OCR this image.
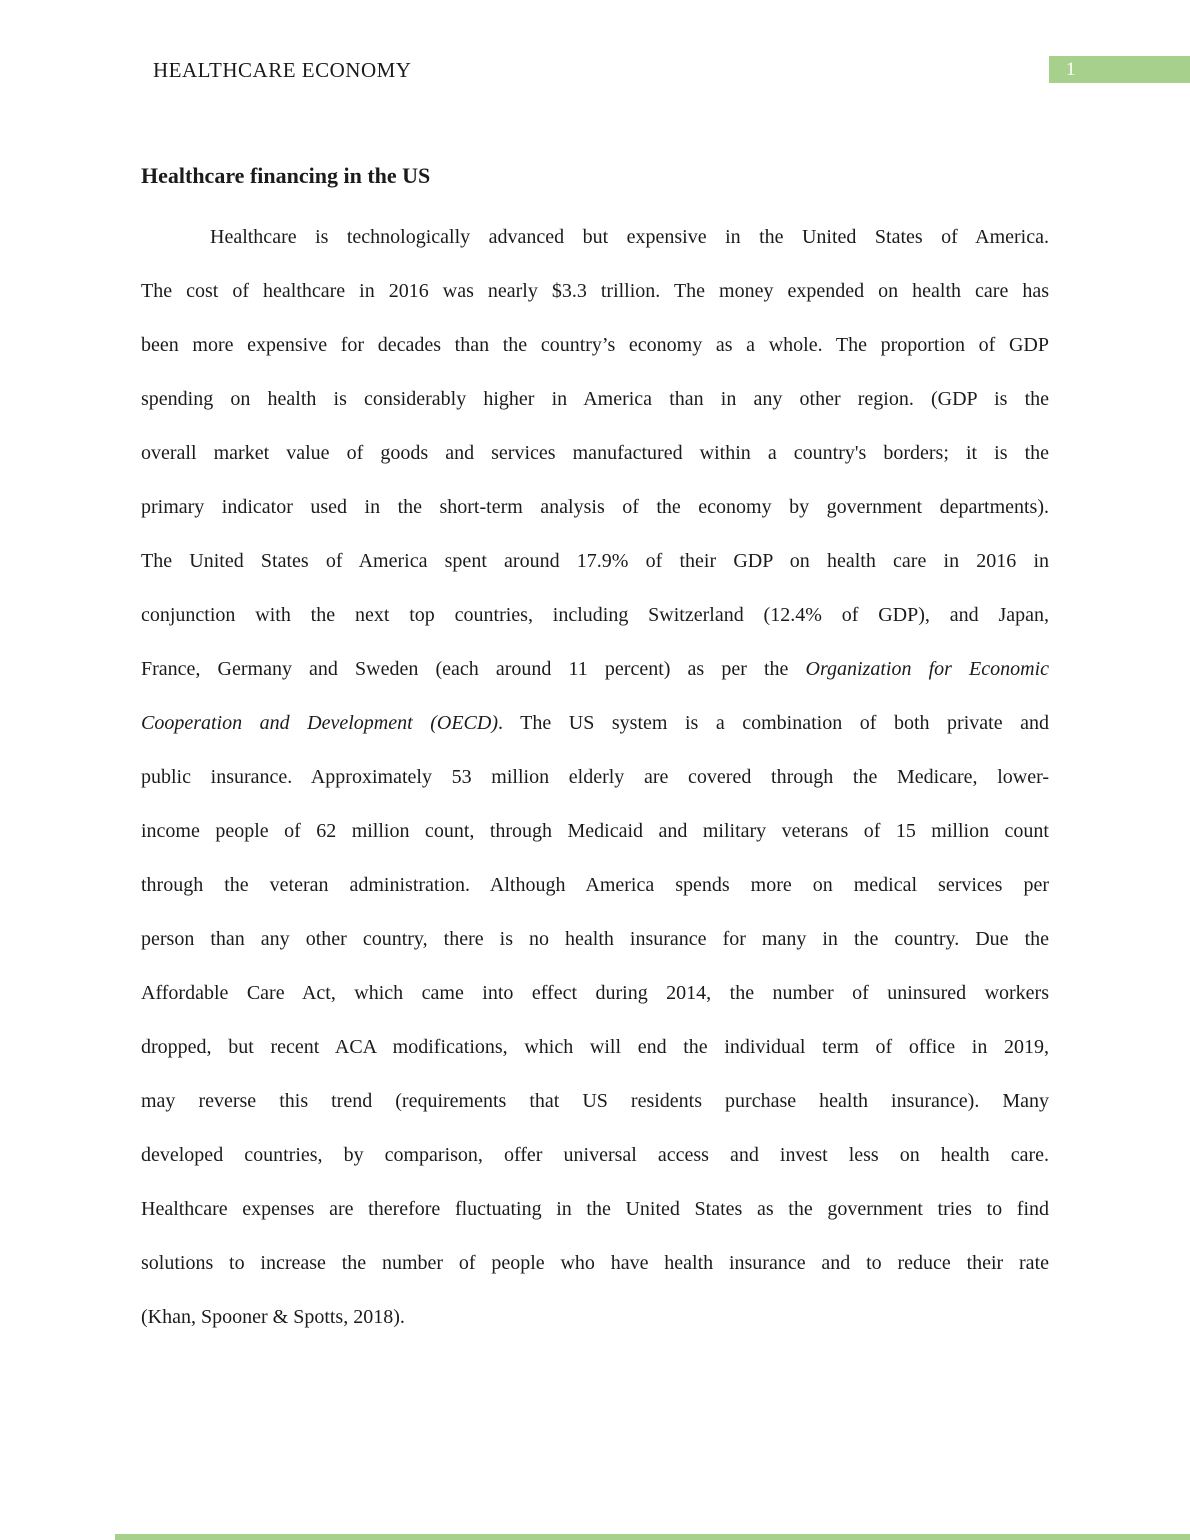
HEALTHCARE ECONOMY	1
Healthcare financing in the US
Healthcare is technologically advanced but expensive in the United States of America.
The cost of healthcare in 2016 was nearly $3.3 trillion. The money expended on health care has
been more expensive for decades than the country’s economy as a whole. The proportion of GDP
spending on health is considerably higher in America than in any other region. (GDP is the
overall market value of goods and services manufactured within a country's borders; it is the
primary indicator used in the short-term analysis of the economy by government departments).
The United States of America spent around 17.9% of their GDP on health care in 2016 in
conjunction with the next top countries, including Switzerland (12.4% of GDP), and Japan,
France, Germany and Sweden (each around 11 percent) as per the Organization for Economic
Cooperation and Development (OECD). The US system is a combination of both private and
public insurance. Approximately 53 million elderly are covered through the Medicare, lower-
income people of 62 million count, through Medicaid and military veterans of 15 million count
through the veteran administration. Although America spends more on medical services per
person than any other country, there is no health insurance for many in the country. Due the
Affordable Care Act, which came into effect during 2014, the number of uninsured workers
dropped, but recent ACA modifications, which will end the individual term of office in 2019,
may reverse this trend (requirements that US residents purchase health insurance). Many
developed countries, by comparison, offer universal access and invest less on health care.
Healthcare expenses are therefore fluctuating in the United States as the government tries to find
solutions to increase the number of people who have health insurance and to reduce their rate
(Khan, Spooner & Spotts, 2018).
